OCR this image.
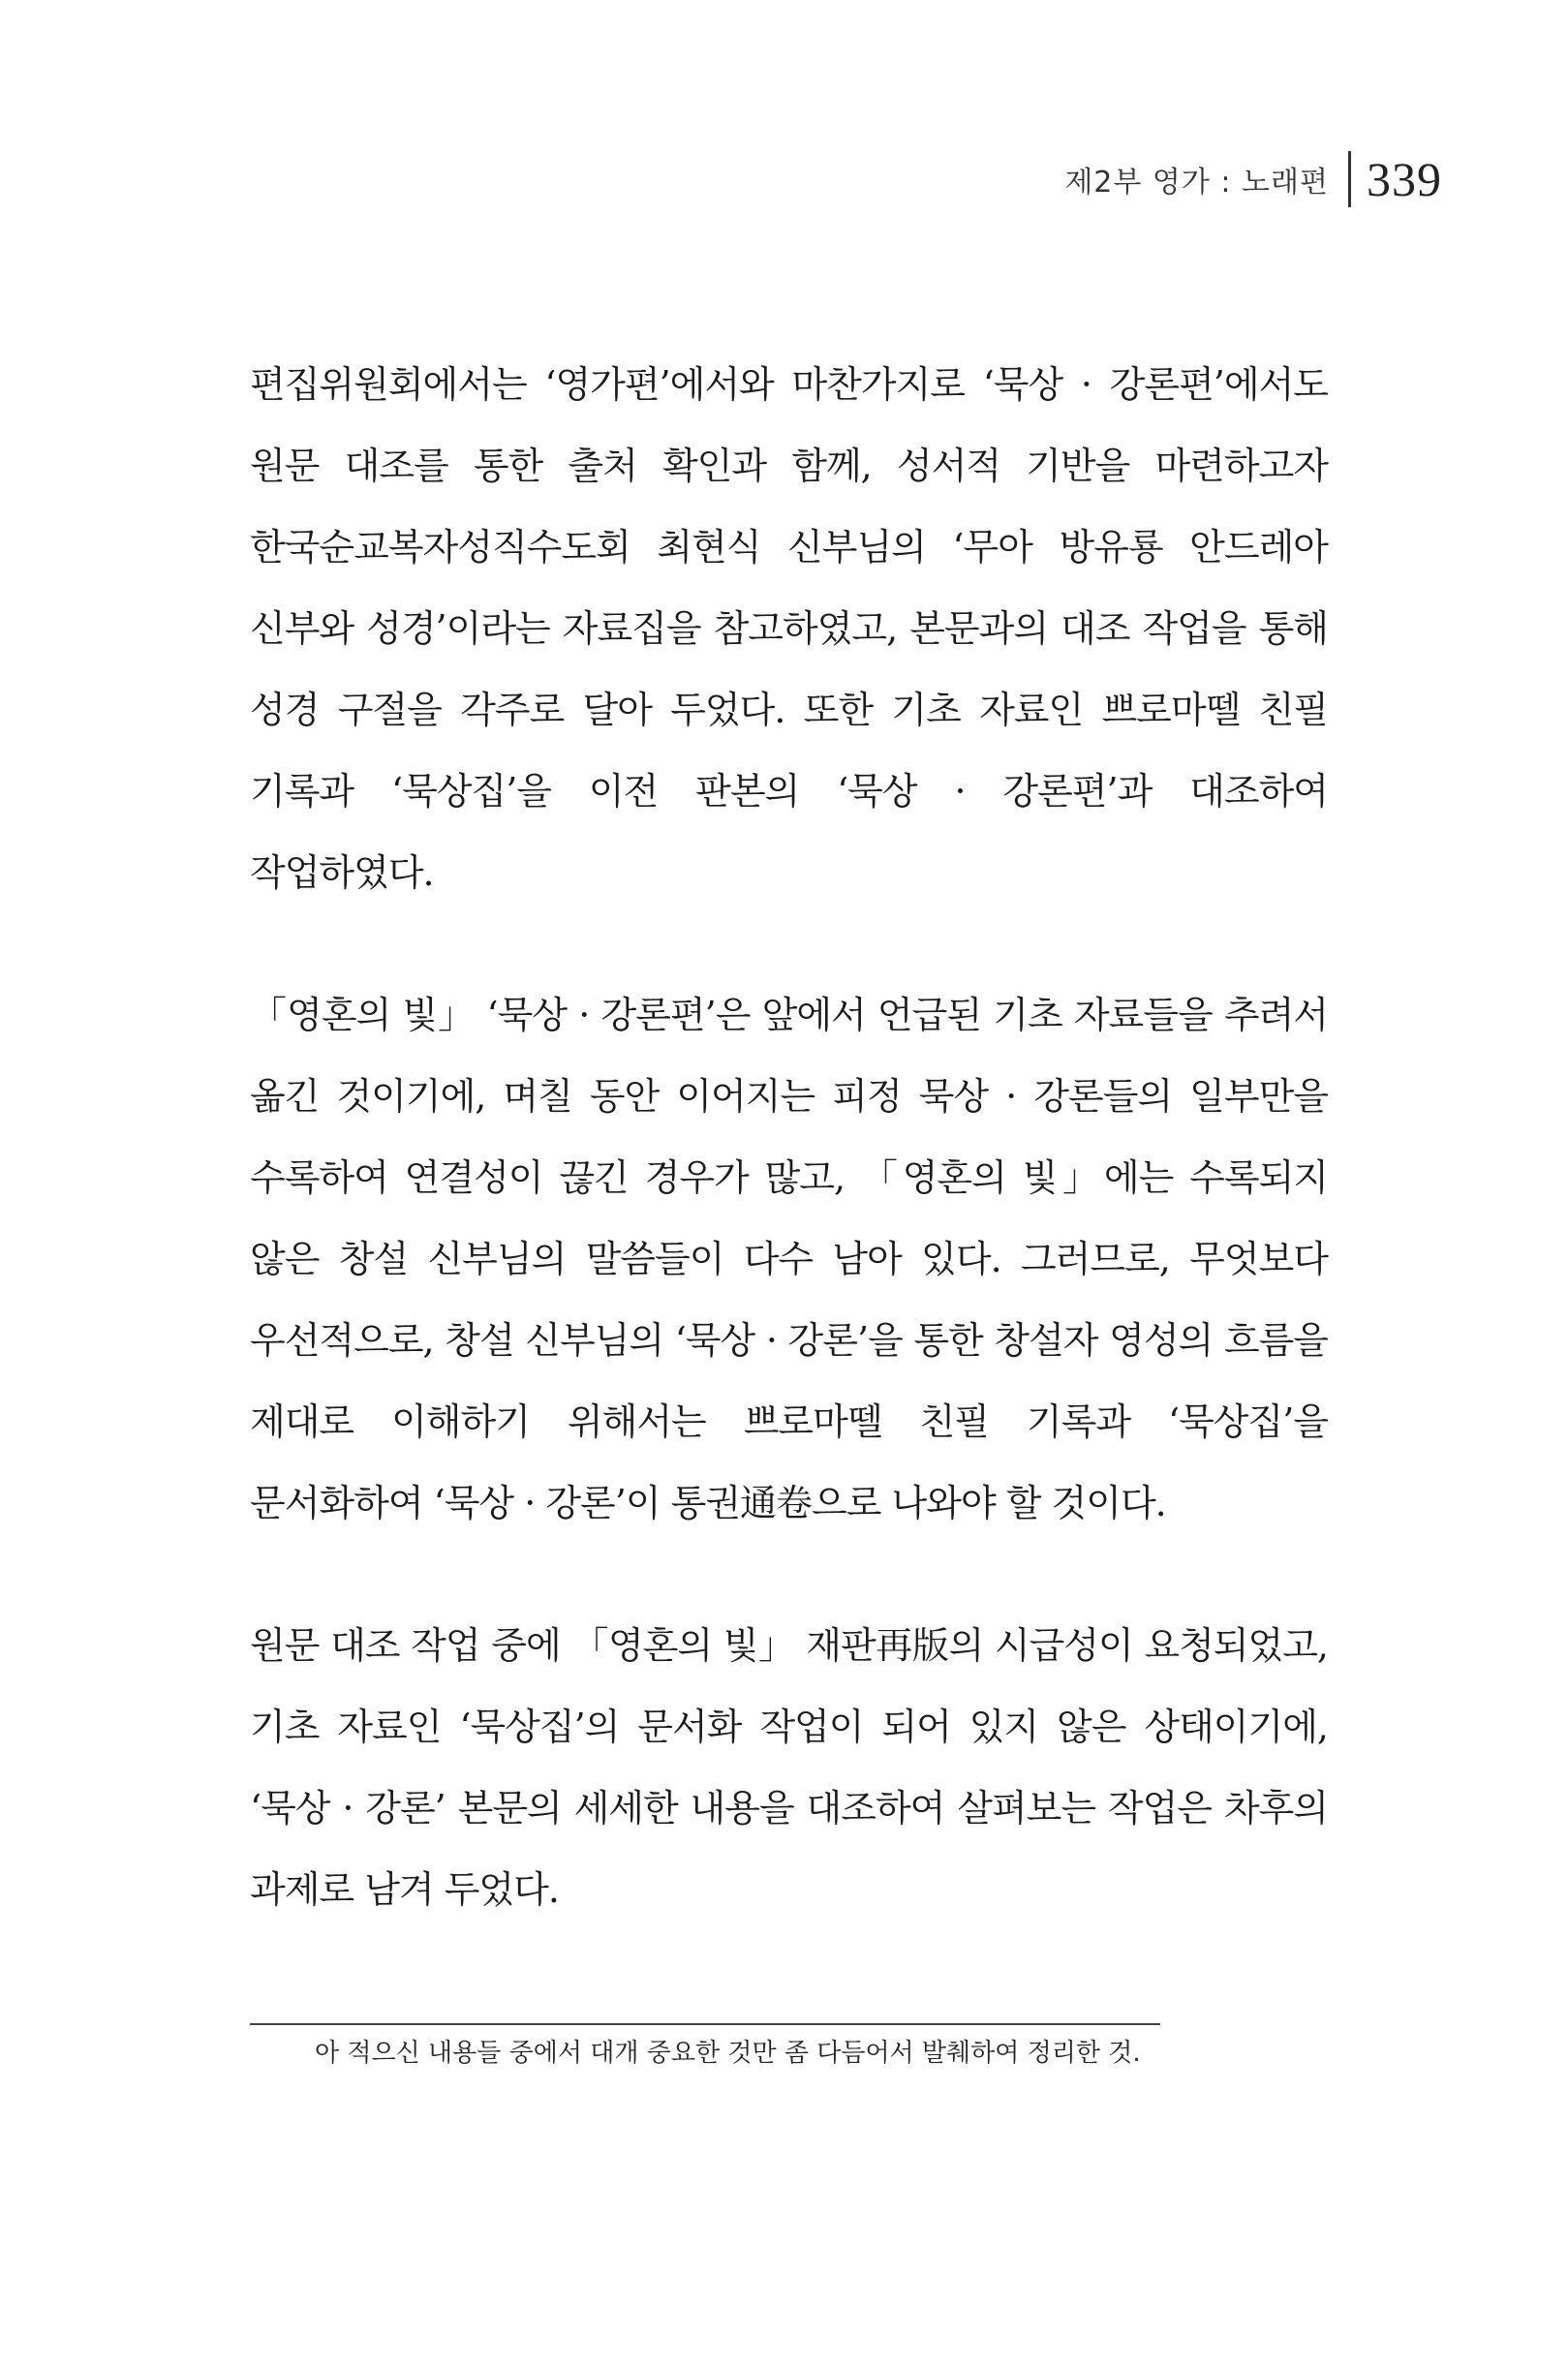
제2부 영가 : 노래편 339

편집위원회에서는 ‘영가편’에서와 마찬가지로 ‘묵상 · 강론편’에서도 원문 대조를 통한 출처 확인과 함께, 성서적 기반을 마련하고자 한국순교복자성직수도회 최현식 신부님의 ‘무아 방유룡 안드레아 신부와 성경’이라는 자료집을 참고하였고, 본문과의 대조 작업을 통해 성경 구절을 각주로 달아 두었다. 또한 기초 자료인 쁘로마뗄 친필 기록과 ‘묵상집’을 이전 판본의 ‘묵상 · 강론편’과 대조하여 작업하였다.

「영혼의 빛」 ‘묵상 · 강론편’은 앞에서 언급된 기초 자료들을 추려서 옮긴 것이기에, 며칠 동안 이어지는 피정 묵상 · 강론들의 일부만을 수록하여 연결성이 끊긴 경우가 많고, 「영혼의 빛」에는 수록되지 않은 창설 신부님의 말씀들이 다수 남아 있다. 그러므로, 무엇보다 우선적으로, 창설 신부님의 ‘묵상 · 강론’을 통한 창설자 영성의 흐름을 제대로 이해하기 위해서는 쁘로마뗄 친필 기록과 ‘묵상집’을 문서화하여 ‘묵상 · 강론’이 통권通卷으로 나와야 할 것이다.

원문 대조 작업 중에 「영혼의 빛」 재판再版의 시급성이 요청되었고, 기초 자료인 ‘묵상집’의 문서화 작업이 되어 있지 않은 상태이기에, ‘묵상 · 강론’ 본문의 세세한 내용을 대조하여 살펴보는 작업은 차후의 과제로 남겨 두었다.

아 적으신 내용들 중에서 대개 중요한 것만 좀 다듬어서 발췌하여 정리한 것.
